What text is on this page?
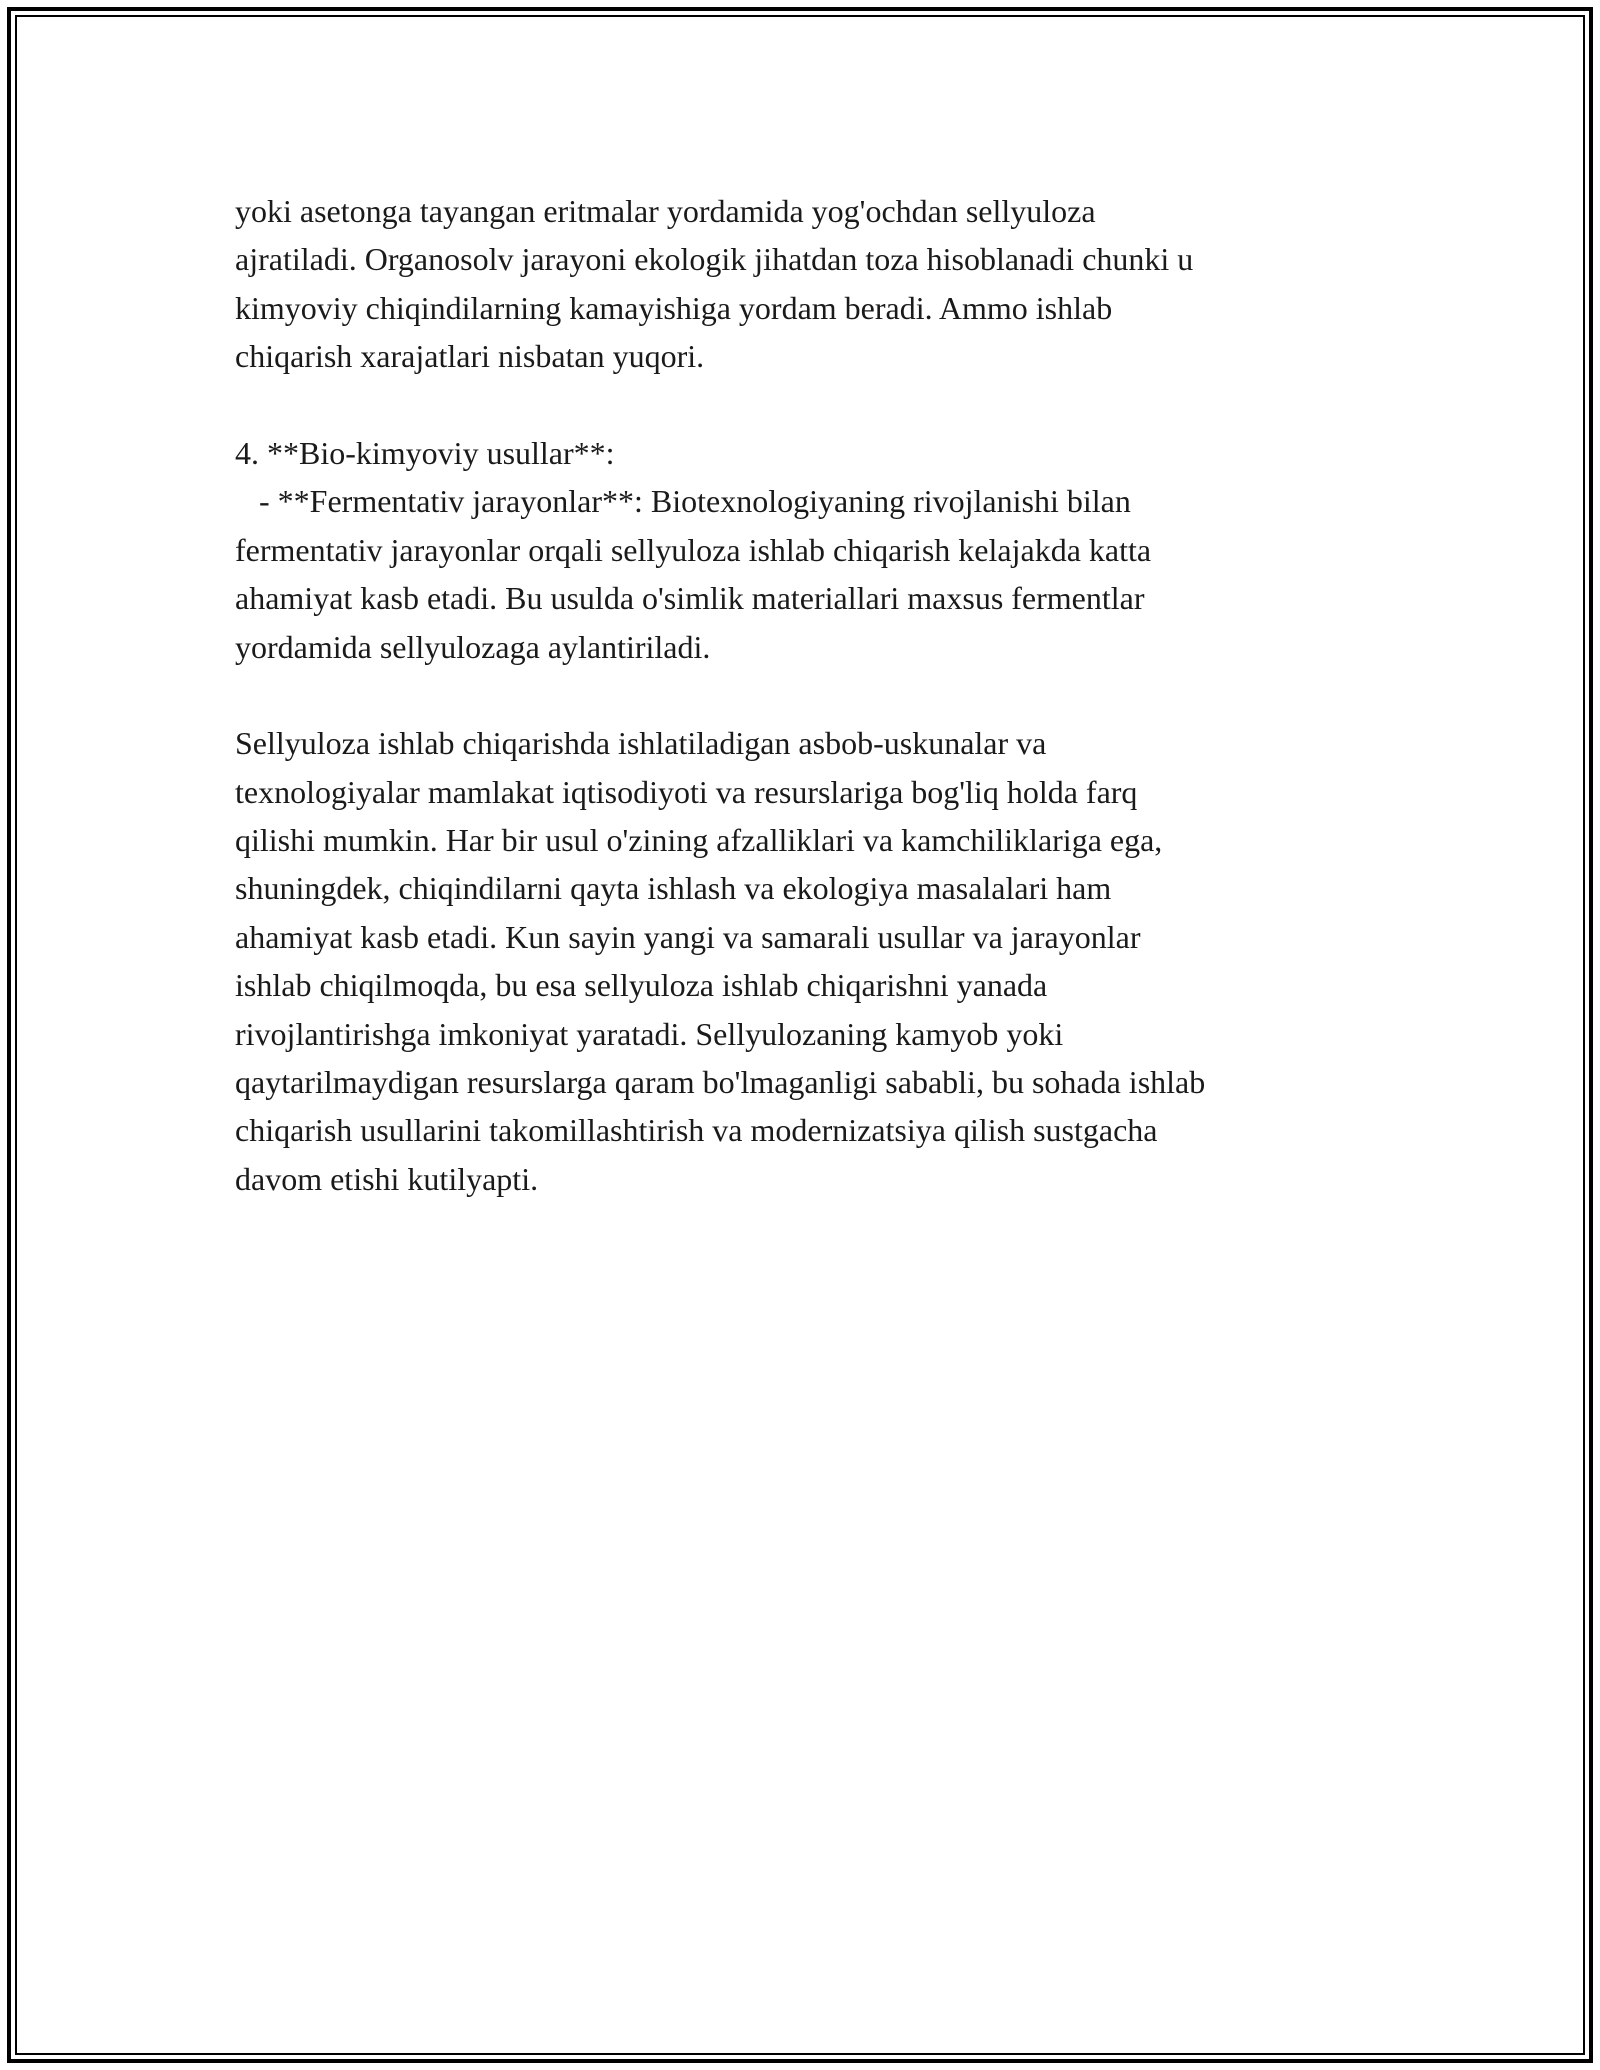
yoki asetonga tayangan eritmalar yordamida yog'ochdan sellyuloza
ajratiladi. Organosolv jarayoni ekologik jihatdan toza hisoblanadi chunki u
kimyoviy chiqindilarning kamayishiga yordam beradi. Ammo ishlab
chiqarish xarajatlari nisbatan yuqori.
4. **Bio-kimyoviy usullar**:
- **Fermentativ jarayonlar**: Biotexnologiyaning rivojlanishi bilan
fermentativ jarayonlar orqali sellyuloza ishlab chiqarish kelajakda katta
ahamiyat kasb etadi. Bu usulda o'simlik materiallari maxsus fermentlar
yordamida sellyulozaga aylantiriladi.
Sellyuloza ishlab chiqarishda ishlatiladigan asbob-uskunalar va
texnologiyalar mamlakat iqtisodiyoti va resurslariga bog'liq holda farq
qilishi mumkin. Har bir usul o'zining afzalliklari va kamchiliklariga ega,
shuningdek, chiqindilarni qayta ishlash va ekologiya masalalari ham
ahamiyat kasb etadi. Kun sayin yangi va samarali usullar va jarayonlar
ishlab chiqilmoqda, bu esa sellyuloza ishlab chiqarishni yanada
rivojlantirishga imkoniyat yaratadi. Sellyulozaning kamyob yoki
qaytarilmaydigan resurslarga qaram bo'lmaganligi sababli, bu sohada ishlab
chiqarish usullarini takomillashtirish va modernizatsiya qilish sustgacha
davom etishi kutilyapti.
